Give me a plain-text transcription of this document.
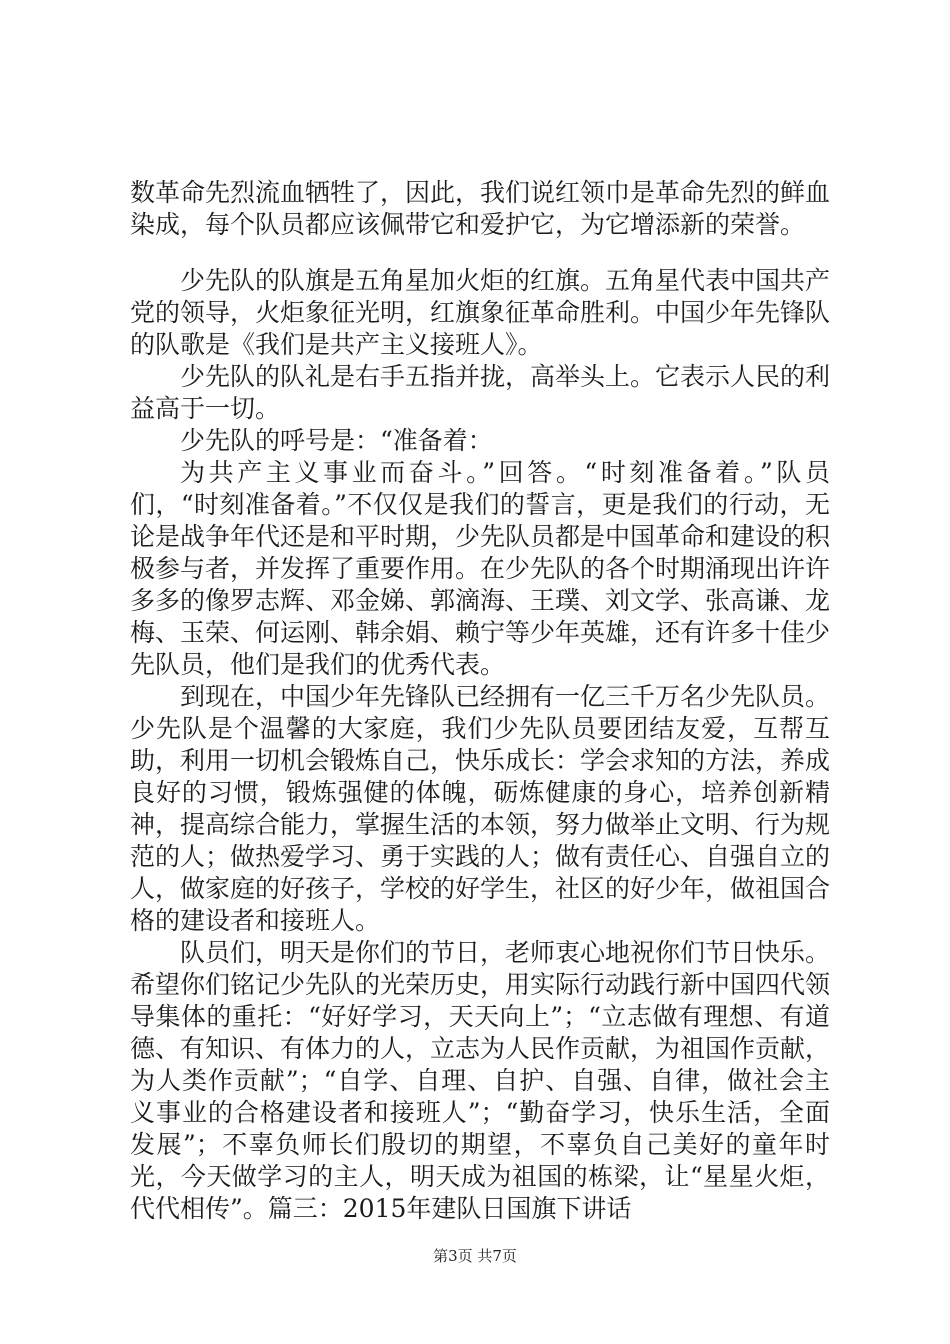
数革命先烈流血牺牲了，因此，我们说红领巾是革命先烈的鲜血染成，每个队员都应该佩带它和爱护它，为它增添新的荣誉。

少先队的队旗是五角星加火炬的红旗。五角星代表中国共产党的领导，火炬象征光明，红旗象征革命胜利。中国少年先锋队的队歌是《我们是共产主义接班人》。

少先队的队礼是右手五指并拢，高举头上。它表示人民的利益高于一切。

少先队的呼号是：“准备着：

为共产主义事业而奋斗。”回答。“时刻准备着。”队员们，“时刻准备着。”不仅仅是我们的誓言，更是我们的行动，无论是战争年代还是和平时期，少先队员都是中国革命和建设的积极参与者，并发挥了重要作用。在少先队的各个时期涌现出许许多多的像罗志辉、邓金娣、郭滴海、王璞、刘文学、张高谦、龙梅、玉荣、何运刚、韩余娟、赖宁等少年英雄，还有许多十佳少先队员，他们是我们的优秀代表。

到现在，中国少年先锋队已经拥有一亿三千万名少先队员。少先队是个温馨的大家庭，我们少先队员要团结友爱，互帮互助，利用一切机会锻炼自己，快乐成长：学会求知的方法，养成良好的习惯，锻炼强健的体魄，砺炼健康的身心，培养创新精神，提高综合能力，掌握生活的本领，努力做举止文明、行为规范的人；做热爱学习、勇于实践的人；做有责任心、自强自立的人，做家庭的好孩子，学校的好学生，社区的好少年，做祖国合格的建设者和接班人。

队员们，明天是你们的节日，老师衷心地祝你们节日快乐。希望你们铭记少先队的光荣历史，用实际行动践行新中国四代领导集体的重托：“好好学习，天天向上”；“立志做有理想、有道德、有知识、有体力的人，立志为人民作贡献，为祖国作贡献，为人类作贡献”；“自学、自理、自护、自强、自律，做社会主义事业的合格建设者和接班人”；“勤奋学习，快乐生活，全面发展”；不辜负师长们殷切的期望，不辜负自己美好的童年时光，今天做学习的主人，明天成为祖国的栋梁，让“星星火炬，代代相传”。篇三：2015年建队日国旗下讲话

第3页 共7页
